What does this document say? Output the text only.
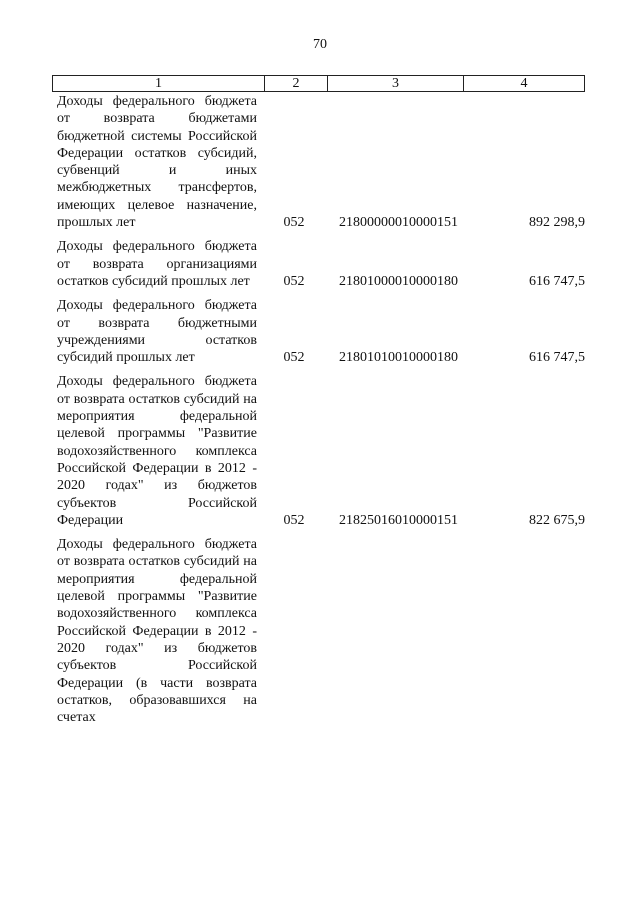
70
1	2	3	4
Доходы федерального бюджета от возврата бюджетами бюджетной системы Российской Федерации остатков субсидий, субвенций и иных межбюджетных трансфертов, имеющих целевое назначение, прошлых лет	052	21800000010000151	892 298,9
Доходы федерального бюджета от возврата организациями остатков субсидий прошлых лет	052	21801000010000180	616 747,5
Доходы федерального бюджета от возврата бюджетными учреждениями остатков субсидий прошлых лет	052	21801010010000180	616 747,5
Доходы федерального бюджета от возврата остатков субсидий на мероприятия федеральной целевой программы "Развитие водохозяйственного комплекса Российской Федерации в 2012 - 2020 годах" из бюджетов субъектов Российской Федерации	052	21825016010000151	822 675,9
Доходы федерального бюджета от возврата остатков субсидий на мероприятия федеральной целевой программы "Развитие водохозяйственного комплекса Российской Федерации в 2012 - 2020 годах" из бюджетов субъектов Российской Федерации (в части возврата остатков, образовавшихся на счетах
